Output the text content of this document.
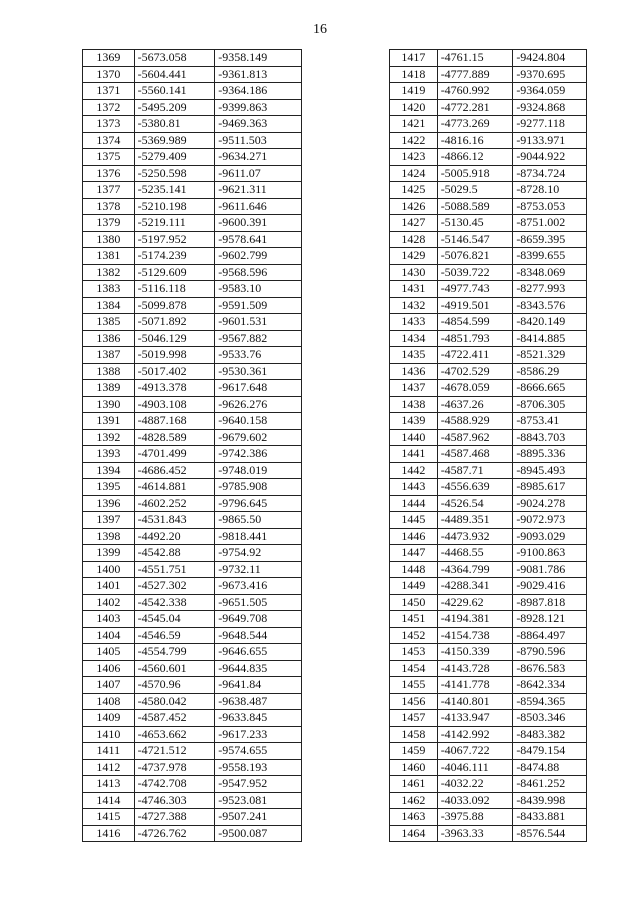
16
1369	-5673.058	-9358.149
1370	-5604.441	-9361.813
1371	-5560.141	-9364.186
1372	-5495.209	-9399.863
1373	-5380.81	-9469.363
1374	-5369.989	-9511.503
1375	-5279.409	-9634.271
1376	-5250.598	-9611.07
1377	-5235.141	-9621.311
1378	-5210.198	-9611.646
1379	-5219.111	-9600.391
1380	-5197.952	-9578.641
1381	-5174.239	-9602.799
1382	-5129.609	-9568.596
1383	-5116.118	-9583.10
1384	-5099.878	-9591.509
1385	-5071.892	-9601.531
1386	-5046.129	-9567.882
1387	-5019.998	-9533.76
1388	-5017.402	-9530.361
1389	-4913.378	-9617.648
1390	-4903.108	-9626.276
1391	-4887.168	-9640.158
1392	-4828.589	-9679.602
1393	-4701.499	-9742.386
1394	-4686.452	-9748.019
1395	-4614.881	-9785.908
1396	-4602.252	-9796.645
1397	-4531.843	-9865.50
1398	-4492.20	-9818.441
1399	-4542.88	-9754.92
1400	-4551.751	-9732.11
1401	-4527.302	-9673.416
1402	-4542.338	-9651.505
1403	-4545.04	-9649.708
1404	-4546.59	-9648.544
1405	-4554.799	-9646.655
1406	-4560.601	-9644.835
1407	-4570.96	-9641.84
1408	-4580.042	-9638.487
1409	-4587.452	-9633.845
1410	-4653.662	-9617.233
1411	-4721.512	-9574.655
1412	-4737.978	-9558.193
1413	-4742.708	-9547.952
1414	-4746.303	-9523.081
1415	-4727.388	-9507.241
1416	-4726.762	-9500.087
1417	-4761.15	-9424.804
1418	-4777.889	-9370.695
1419	-4760.992	-9364.059
1420	-4772.281	-9324.868
1421	-4773.269	-9277.118
1422	-4816.16	-9133.971
1423	-4866.12	-9044.922
1424	-5005.918	-8734.724
1425	-5029.5	-8728.10
1426	-5088.589	-8753.053
1427	-5130.45	-8751.002
1428	-5146.547	-8659.395
1429	-5076.821	-8399.655
1430	-5039.722	-8348.069
1431	-4977.743	-8277.993
1432	-4919.501	-8343.576
1433	-4854.599	-8420.149
1434	-4851.793	-8414.885
1435	-4722.411	-8521.329
1436	-4702.529	-8586.29
1437	-4678.059	-8666.665
1438	-4637.26	-8706.305
1439	-4588.929	-8753.41
1440	-4587.962	-8843.703
1441	-4587.468	-8895.336
1442	-4587.71	-8945.493
1443	-4556.639	-8985.617
1444	-4526.54	-9024.278
1445	-4489.351	-9072.973
1446	-4473.932	-9093.029
1447	-4468.55	-9100.863
1448	-4364.799	-9081.786
1449	-4288.341	-9029.416
1450	-4229.62	-8987.818
1451	-4194.381	-8928.121
1452	-4154.738	-8864.497
1453	-4150.339	-8790.596
1454	-4143.728	-8676.583
1455	-4141.778	-8642.334
1456	-4140.801	-8594.365
1457	-4133.947	-8503.346
1458	-4142.992	-8483.382
1459	-4067.722	-8479.154
1460	-4046.111	-8474.88
1461	-4032.22	-8461.252
1462	-4033.092	-8439.998
1463	-3975.88	-8433.881
1464	-3963.33	-8576.544
